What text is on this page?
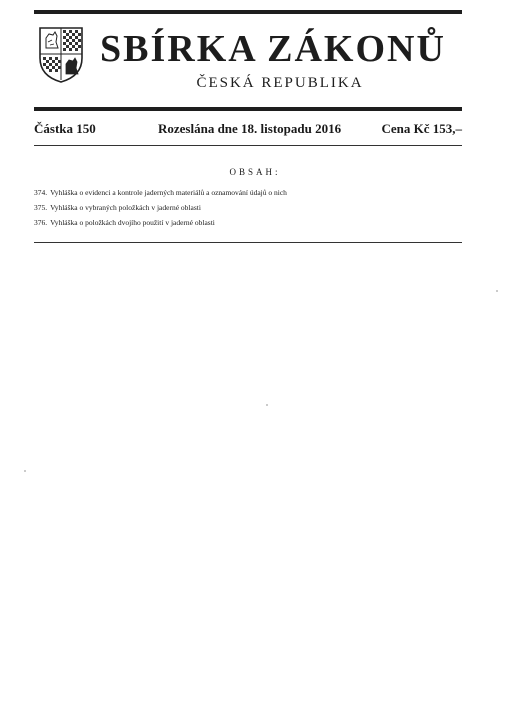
SBÍRKA ZÁKONŮ
ČESKÁ REPUBLIKA
Částka 150	Rozeslána dne 18. listopadu 2016	Cena Kč 153,–
OBSAH:
374. Vyhláška o evidenci a kontrole jaderných materiálů a oznamování údajů o nich
375. Vyhláška o vybraných položkách v jaderné oblasti
376. Vyhláška o položkách dvojího použití v jaderné oblasti
